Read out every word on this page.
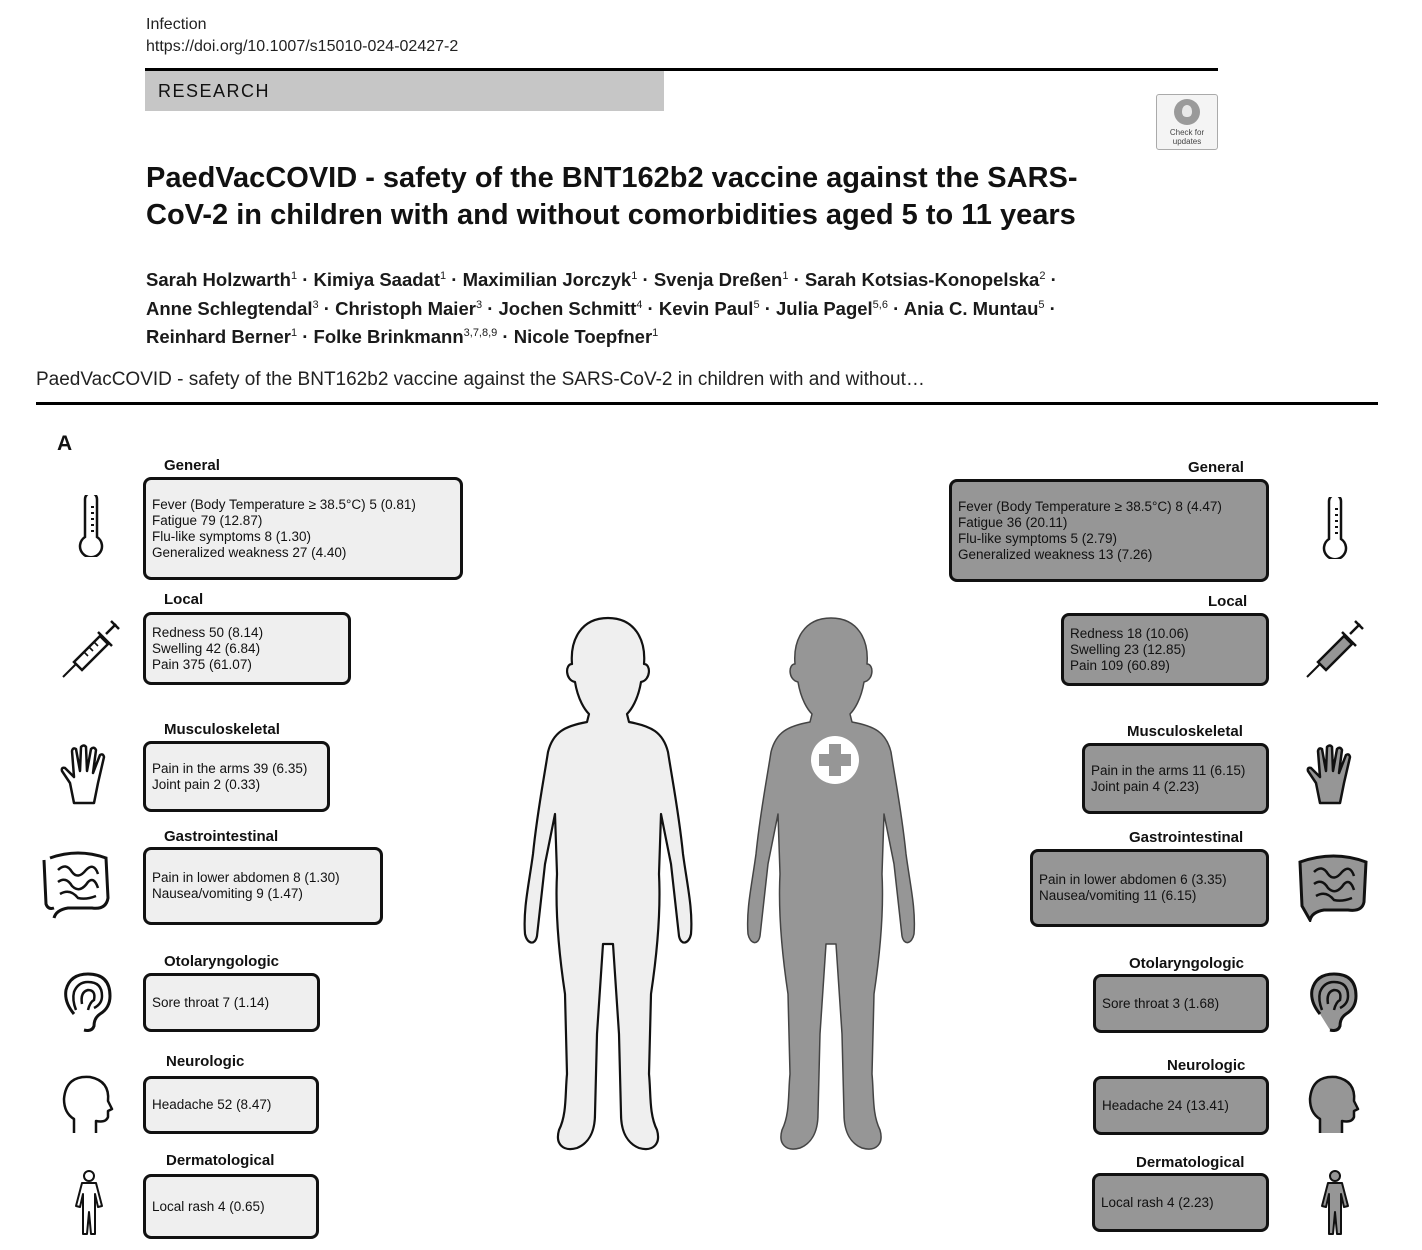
Infection
https://doi.org/10.1007/s15010-024-02427-2
RESEARCH
Check for
updates
PaedVacCOVID - safety of the BNT162b2 vaccine against the SARS-
CoV-2 in children with and without comorbidities aged 5 to 11 years
Sarah Holzwarth$^1$ · Kimiya Saadat$^1$ · Maximilian Jorczyk$^1$ · Svenja Dreßen$^1$ · Sarah Kotsias-Konopelska$^2$ ·
Anne Schlegtendal$^3$ · Christoph Maier$^3$ · Jochen Schmitt$^4$ · Kevin Paul$^5$ · Julia Pagel$^{5,6}$ · Ania C. Muntau$^5$ ·
Reinhard Berner$^1$ · Folke Brinkmann$^{3,7,8,9}$ · Nicole Toepfner$^1$
PaedVacCOVID - safety of the BNT162b2 vaccine against the SARS-CoV-2 in children with and without…
A
General
Fever (Body Temperature ≥ 38.5°C) 5 (0.81)
Fatigue 79 (12.87)
Flu-like symptoms 8 (1.30)
Generalized weakness 27 (4.40)
Local
Redness 50 (8.14)
Swelling 42 (6.84)
Pain 375 (61.07)
Musculoskeletal
Pain in the arms 39 (6.35)
Joint pain 2 (0.33)
Gastrointestinal
Pain in lower abdomen 8 (1.30)
Nausea/vomiting 9 (1.47)
Otolaryngologic
Sore throat 7 (1.14)
Neurologic
Headache 52 (8.47)
Dermatological
Local rash 4 (0.65)
General
Fever (Body Temperature ≥ 38.5°C) 8 (4.47)
Fatigue 36 (20.11)
Flu-like symptoms 5 (2.79)
Generalized weakness 13 (7.26)
Local
Redness 18 (10.06)
Swelling 23 (12.85)
Pain 109 (60.89)
Musculoskeletal
Pain in the arms 11 (6.15)
Joint pain 4 (2.23)
Gastrointestinal
Pain in lower abdomen 6 (3.35)
Nausea/vomiting 11 (6.15)
Otolaryngologic
Sore throat 3 (1.68)
Neurologic
Headache 24 (13.41)
Dermatological
Local rash 4 (2.23)
